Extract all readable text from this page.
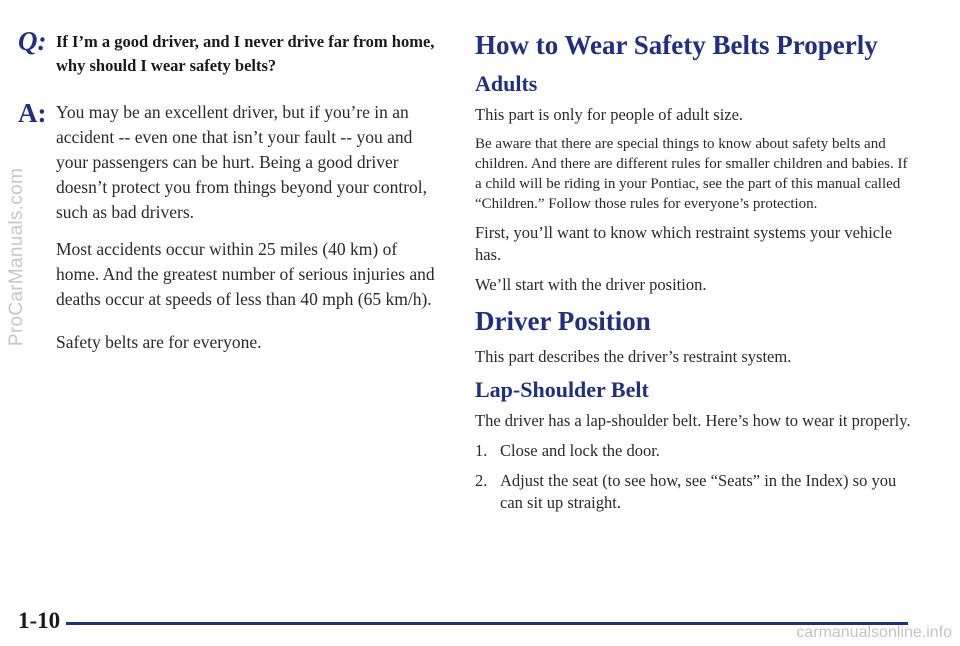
ProCarManuals.com
Q: If I’m a good driver, and I never drive far from home, why should I wear safety belts?
A: You may be an excellent driver, but if you’re in an accident -- even one that isn’t your fault -- you and your passengers can be hurt. Being a good driver doesn’t protect you from things beyond your control, such as bad drivers.

Most accidents occur within 25 miles (40 km) of home. And the greatest number of serious injuries and deaths occur at speeds of less than 40 mph (65 km/h).

Safety belts are for everyone.

How to Wear Safety Belts Properly
Adults

This part is only for people of adult size.

Be aware that there are special things to know about safety belts and children. And there are different rules for smaller children and babies. If a child will be riding in your Pontiac, see the part of this manual called “Children.” Follow those rules for everyone’s protection.

First, you’ll want to know which restraint systems your vehicle has.

We’ll start with the driver position.

Driver Position

This part describes the driver’s restraint system.

Lap-Shoulder Belt

The driver has a lap-shoulder belt. Here’s how to wear it properly.

1. Close and lock the door.
2. Adjust the seat (to see how, see “Seats” in the Index) so you can sit up straight.
1-10	carmanualsonline.info
